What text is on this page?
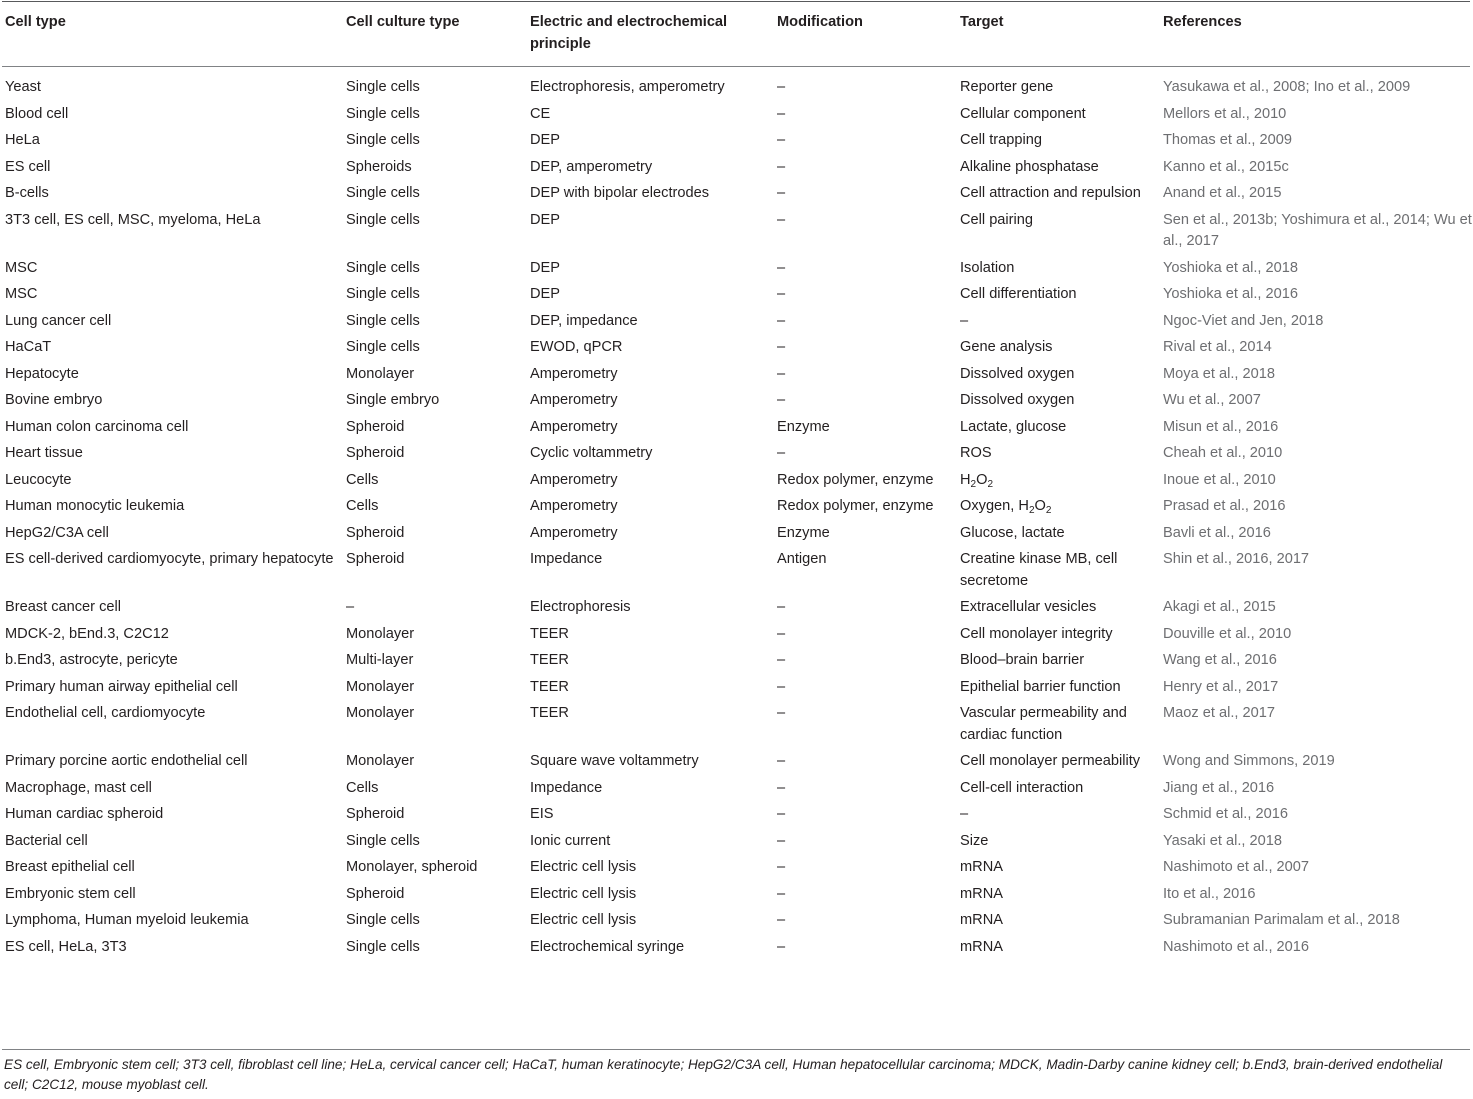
Cell type	Cell culture type	Electric and electrochemical principle	Modification	Target	References
Yeast	Single cells	Electrophoresis, amperometry	–	Reporter gene	Yasukawa et al., 2008; Ino et al., 2009
Blood cell	Single cells	CE	–	Cellular component	Mellors et al., 2010
HeLa	Single cells	DEP	–	Cell trapping	Thomas et al., 2009
ES cell	Spheroids	DEP, amperometry	–	Alkaline phosphatase	Kanno et al., 2015c
B-cells	Single cells	DEP with bipolar electrodes	–	Cell attraction and repulsion	Anand et al., 2015
3T3 cell, ES cell, MSC, myeloma, HeLa	Single cells	DEP	–	Cell pairing	Sen et al., 2013b; Yoshimura et al., 2014; Wu et al., 2017
MSC	Single cells	DEP	–	Isolation	Yoshioka et al., 2018
MSC	Single cells	DEP	–	Cell differentiation	Yoshioka et al., 2016
Lung cancer cell	Single cells	DEP, impedance	–	–	Ngoc-Viet and Jen, 2018
HaCaT	Single cells	EWOD, qPCR	–	Gene analysis	Rival et al., 2014
Hepatocyte	Monolayer	Amperometry	–	Dissolved oxygen	Moya et al., 2018
Bovine embryo	Single embryo	Amperometry	–	Dissolved oxygen	Wu et al., 2007
Human colon carcinoma cell	Spheroid	Amperometry	Enzyme	Lactate, glucose	Misun et al., 2016
Heart tissue	Spheroid	Cyclic voltammetry	–	ROS	Cheah et al., 2010
Leucocyte	Cells	Amperometry	Redox polymer, enzyme	$H_2O_2$	Inoue et al., 2010
Human monocytic leukemia	Cells	Amperometry	Redox polymer, enzyme	Oxygen, $H_2O_2$	Prasad et al., 2016
HepG2/C3A cell	Spheroid	Amperometry	Enzyme	Glucose, lactate	Bavli et al., 2016
ES cell-derived cardiomyocyte, primary hepatocyte	Spheroid	Impedance	Antigen	Creatine kinase MB, cell secretome	Shin et al., 2016, 2017
Breast cancer cell	–	Electrophoresis	–	Extracellular vesicles	Akagi et al., 2015
MDCK-2, bEnd.3, C2C12	Monolayer	TEER	–	Cell monolayer integrity	Douville et al., 2010
b.End3, astrocyte, pericyte	Multi-layer	TEER	–	Blood–brain barrier	Wang et al., 2016
Primary human airway epithelial cell	Monolayer	TEER	–	Epithelial barrier function	Henry et al., 2017
Endothelial cell, cardiomyocyte	Monolayer	TEER	–	Vascular permeability and cardiac function	Maoz et al., 2017
Primary porcine aortic endothelial cell	Monolayer	Square wave voltammetry	–	Cell monolayer permeability	Wong and Simmons, 2019
Macrophage, mast cell	Cells	Impedance	–	Cell-cell interaction	Jiang et al., 2016
Human cardiac spheroid	Spheroid	EIS	–	–	Schmid et al., 2016
Bacterial cell	Single cells	Ionic current	–	Size	Yasaki et al., 2018
Breast epithelial cell	Monolayer, spheroid	Electric cell lysis	–	mRNA	Nashimoto et al., 2007
Embryonic stem cell	Spheroid	Electric cell lysis	–	mRNA	Ito et al., 2016
Lymphoma, Human myeloid leukemia	Single cells	Electric cell lysis	–	mRNA	Subramanian Parimalam et al., 2018
ES cell, HeLa, 3T3	Single cells	Electrochemical syringe	–	mRNA	Nashimoto et al., 2016
ES cell, Embryonic stem cell; 3T3 cell, fibroblast cell line; HeLa, cervical cancer cell; HaCaT, human keratinocyte; HepG2/C3A cell, Human hepatocellular carcinoma; MDCK, Madin-Darby canine kidney cell; b.End3, brain-derived endothelial cell; C2C12, mouse myoblast cell.
